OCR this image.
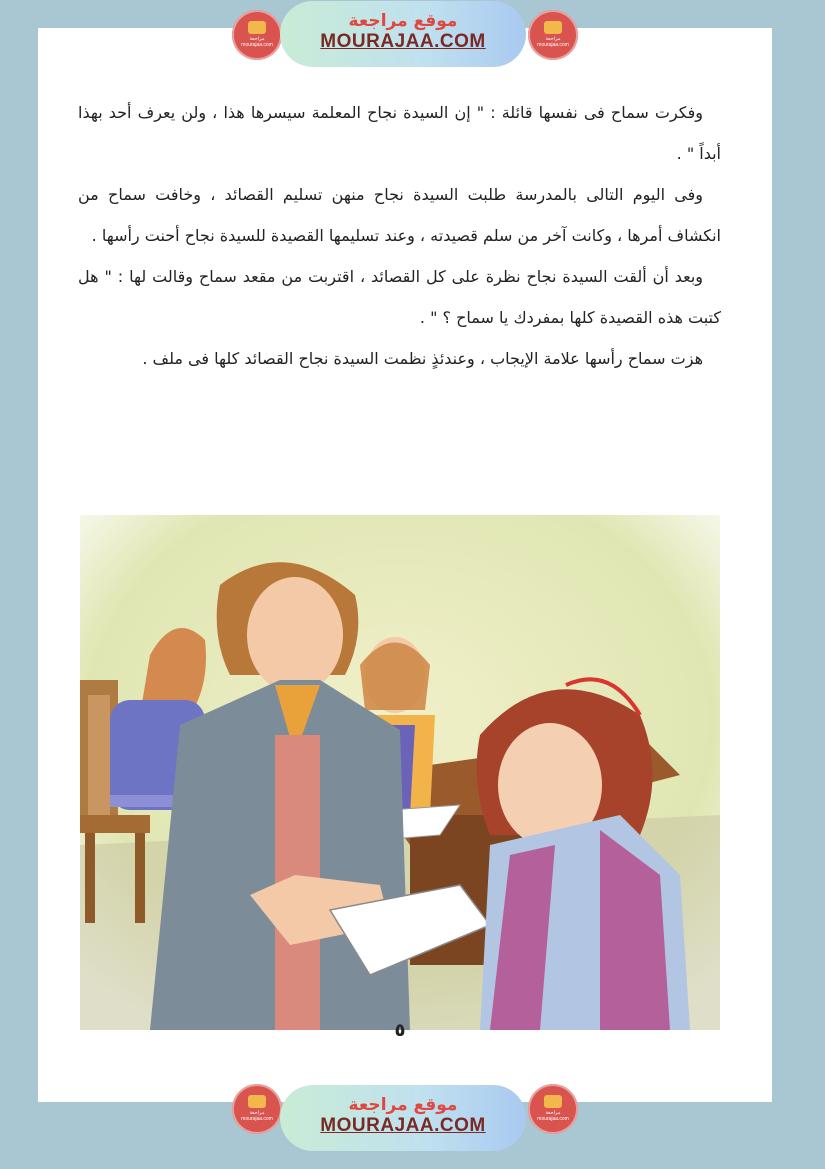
مراجعة
mourajaa.com
موقع مراجعة
MOURAJAA.COM	مراجعة
mourajaa.com

وفكرت سماح فى نفسها قائلة : " إن السيدة نجاح المعلمة سيسرها هذا ، ولن يعرف أحد بهذا أبداً " .

وفى اليوم التالى بالمدرسة طلبت السيدة نجاح منهن تسليم القصائد ، وخافت سماح من انكشاف أمرها ، وكانت آخر من سلم قصيدته ، وعند تسليمها القصيدة للسيدة نجاح أحنت رأسها .

وبعد أن ألقت السيدة نجاح نظرة على كل القصائد ، اقتربت من مقعد سماح وقالت لها : " هل كتبت هذه القصيدة كلها بمفردك يا سماح ؟ " .

هزت سماح رأسها علامة الإيجاب ، وعندئذٍ نظمت السيدة نجاح القصائد كلها فى ملف .

٥
مراجعة
mourajaa.com
موقع مراجعة
MOURAJAA.COM
مراجعة
mourajaa.com
